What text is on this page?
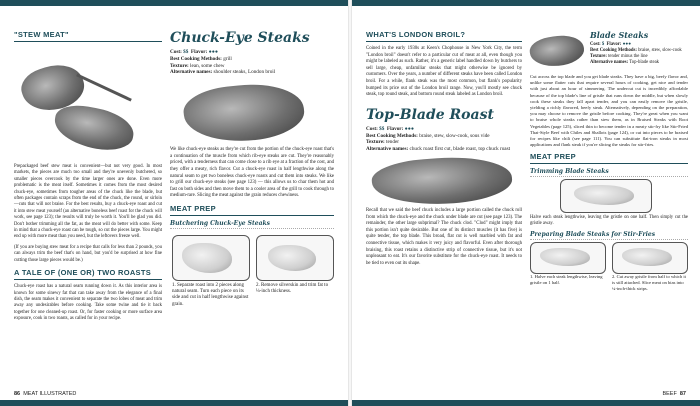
"STEW MEAT"

Prepackaged beef stew meat is convenient—but not very good. In most markets, the pieces are much too small and they're unevenly butchered, so smaller pieces overcook by the time larger ones are done. Even more problematic is the meat itself. Sometimes it comes from the most desired chuck-eye, sometimes from tougher areas of the chuck like the blade, but often packages contain scraps from the end of the chuck, the round, or sirloin—cuts that will not braise. For the best results, buy a chuck-eye roast and cut it into stew meat yourself (an alternative boneless beef roast for the chuck will work, see page 123); the results will truly be worth it. You'll be glad you did. Don't bother trimming all the fat, as the meat will do better with some. Keep in mind that a chuck-eye roast can be tough, so cut the pieces large. You might end up with more meat than you need, but the leftovers freeze well.

(If you are buying stew meat for a recipe that calls for less than 2 pounds, you can always trim the beef that's on hand, but you'd be surprised at how fine cutting those large pieces would be.)

A TALE OF (ONE OR) TWO ROASTS

Chuck-eye roast has a natural seam running down it. As this interior area is known for some sinewy fat that can take away from the elegance of a final dish, the seam makes it convenient to separate the two lobes of meat and trim away any undesirables before cooking. Take some twine and tie it back together for one cleaned-up roast. Or, for faster cooking or more surface area exposure, cook in two roasts, as called for in your recipe.

Chuck-Eye Steaks
Cost: $$ Flavor: ●●●
Best Cooking Methods: grill
Texture: lean, some chew
Alternative names: shoulder steaks, London broil

We like chuck-eye steaks as they're cut from the portion of the chuck-eye roast that's a continuation of the muscle from which rib-eye steaks are cut. They're reasonably priced, with a tenderness that can come close to a rib eye at a fraction of the cost, and they offer a meaty, rich flavor. Cut a chuck-eye roast in half lengthwise along the natural seam to get two boneless chuck-eye roasts and cut them into steaks. We like to grill our chuck-eye steaks (see page 123) — this allows us to char them hot and fast on both sides and then move them to a cooler area of the grill to cook through to medium-rare. Slicing the meat against the grain reduces chewiness.

MEAT PREP
Butchering Chuck-Eye Steaks
1. Separate roast into 2 pieces along natural seam. Turn each piece on its side and cut in half lengthwise against grain.
2. Remove silverskin and trim fat to ¼-inch thickness.
86 MEAT ILLUSTRATED
WHAT'S LONDON BROIL?

Coined in the early 1930s at Keen's Chophouse in New York City, the term "London broil" doesn't refer to a particular cut of meat at all, even though you might be labeled as such. Rather, it's a generic label handled down by butchers to sell large, cheap, unfamiliar steaks that might otherwise be ignored by customers. Over the years, a number of different steaks have been called London broil. For a while, flank steak was the most common, but flank's popularity bumped its price out of the London broil range. Now, you'll mostly see chuck steak, top round steak, and bottom round steak labeled as London broil.

Top-Blade Roast
Cost: $$ Flavor: ●●●
Best Cooking Methods: braise, stew, slow-cook, sous vide
Texture: tender
Alternative names: chuck roast first cut, blade roast, top chuck roast

Recall that we said the beef chuck includes a large portion called the chuck roll from which the chuck-eye and the chuck under blade are cut (see page 123). The remainder, the other large subprimal? The chuck clod. "Clod" might imply that this portion isn't quite desirable. But one of its distinct muscles (it has five) is quite tender, the top blade. This broad, flat cut is well marbled with fat and connective tissue, which makes it very juicy and flavorful. Even after thorough braising, this roast retains a distinctive strip of connective tissue, but it's not unpleasant to eat. It's our favorite substitute for the chuck-eye roast. It needs to be tied to even out its shape.

Blade Steaks
Cost: $ Flavor: ●●●
Best Cooking Methods: braise, stew, slow-cook
Texture: tender minus the line
Alternative names: Top-blade steak

Cut across the top blade and you get blade steaks. They have a big, beefy flavor and, unlike some flatter cuts that require several hours of cooking, get nice and tender with just about an hour of simmering. The undercut cut is incredibly affordable because of the top blade's line of gristle that runs down the middle, but when slowly cook these steaks they fall apart tender, and you can easily remove the gristle, yielding a richly flavored, beefy steak. Alternatively, depending on the preparation, you may choose to remove the gristle before cooking. They're great when you want to braise whole steaks rather than stew them, as in Braised Steaks with Root Vegetables (page 125), sliced thin to become tender in a meaty stir-fry like Stir-Fried Thai-Style Beef with Chiles and Shallots (page 124), or cut into pieces to be braised for recipes like chili (see page 111). You can substitute flat-iron steaks in most applications and flank steak if you're slicing the steaks for stir-fries.

MEAT PREP
Trimming Blade Steaks
Halve each steak lengthwise, leaving the gristle on one half. Then simply cut the gristle away.
Preparing Blade Steaks for Stir-Fries
1. Halve each steak lengthwise, leaving gristle on 1 half.
2. Cut away gristle from half to which it is still attached. Slice meat on bias into ¼-inch-thick strips.
BEEF 87
